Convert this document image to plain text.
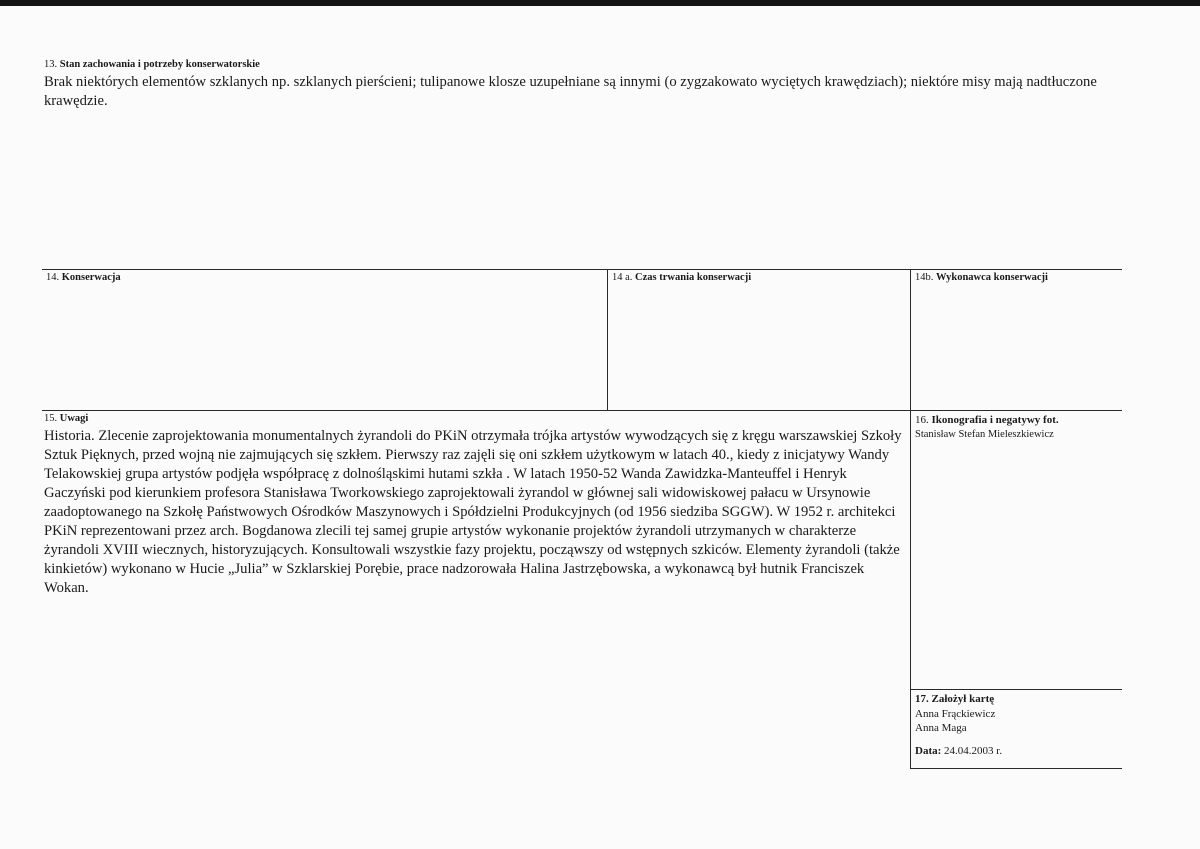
13. Stan zachowania i potrzeby konserwatorskie

Brak niektórych elementów szklanych np. szklanych pierścieni; tulipanowe klosze uzupełniane są innymi (o zygzakowato wyciętych krawędziach); niektóre misy mają nadtłuczone krawędzie.

14. Konserwacja	14 a. Czas trwania konserwacji	14b. Wykonawca konserwacji
15. Uwagi

Historia. Zlecenie zaprojektowania monumentalnych żyrandoli do PKiN otrzymała trójka artystów wywodzących się z kręgu warszawskiej Szkoły Sztuk Pięknych, przed wojną nie zajmujących się szkłem. Pierwszy raz zajęli się oni szkłem użytkowym w latach 40., kiedy z inicjatywy Wandy Telakowskiej grupa artystów podjęła współpracę z dolnośląskimi hutami szkła . W latach 1950-52 Wanda Zawidzka-Manteuffel i Henryk Gaczyński pod kierunkiem profesora Stanisława Tworkowskiego zaprojektowali żyrandol w głównej sali widowiskowej pałacu w Ursynowie zaadoptowanego na Szkołę Państwowych Ośrodków Maszynowych i Spółdzielni Produkcyjnych (od 1956 siedziba SGGW). W 1952 r. architekci PKiN reprezentowani przez arch. Bogdanowa zlecili tej samej grupie artystów wykonanie projektów żyrandoli utrzymanych w charakterze żyrandoli XVIII wiecznych, historyzujących. Konsultowali wszystkie fazy projektu, począwszy od wstępnych szkiców. Elementy żyrandoli (także kinkietów) wykonano w Hucie „Julia” w Szklarskiej Porębie, prace nadzorowała Halina Jastrzębowska, a wykonawcą był hutnik Franciszek Wokan.

16. Ikonografia i negatywy fot.
Stanisław Stefan Mieleszkiewicz
17. Założył kartę
Anna Frąckiewicz
Anna Maga
Data: 24.04.2003 r.
